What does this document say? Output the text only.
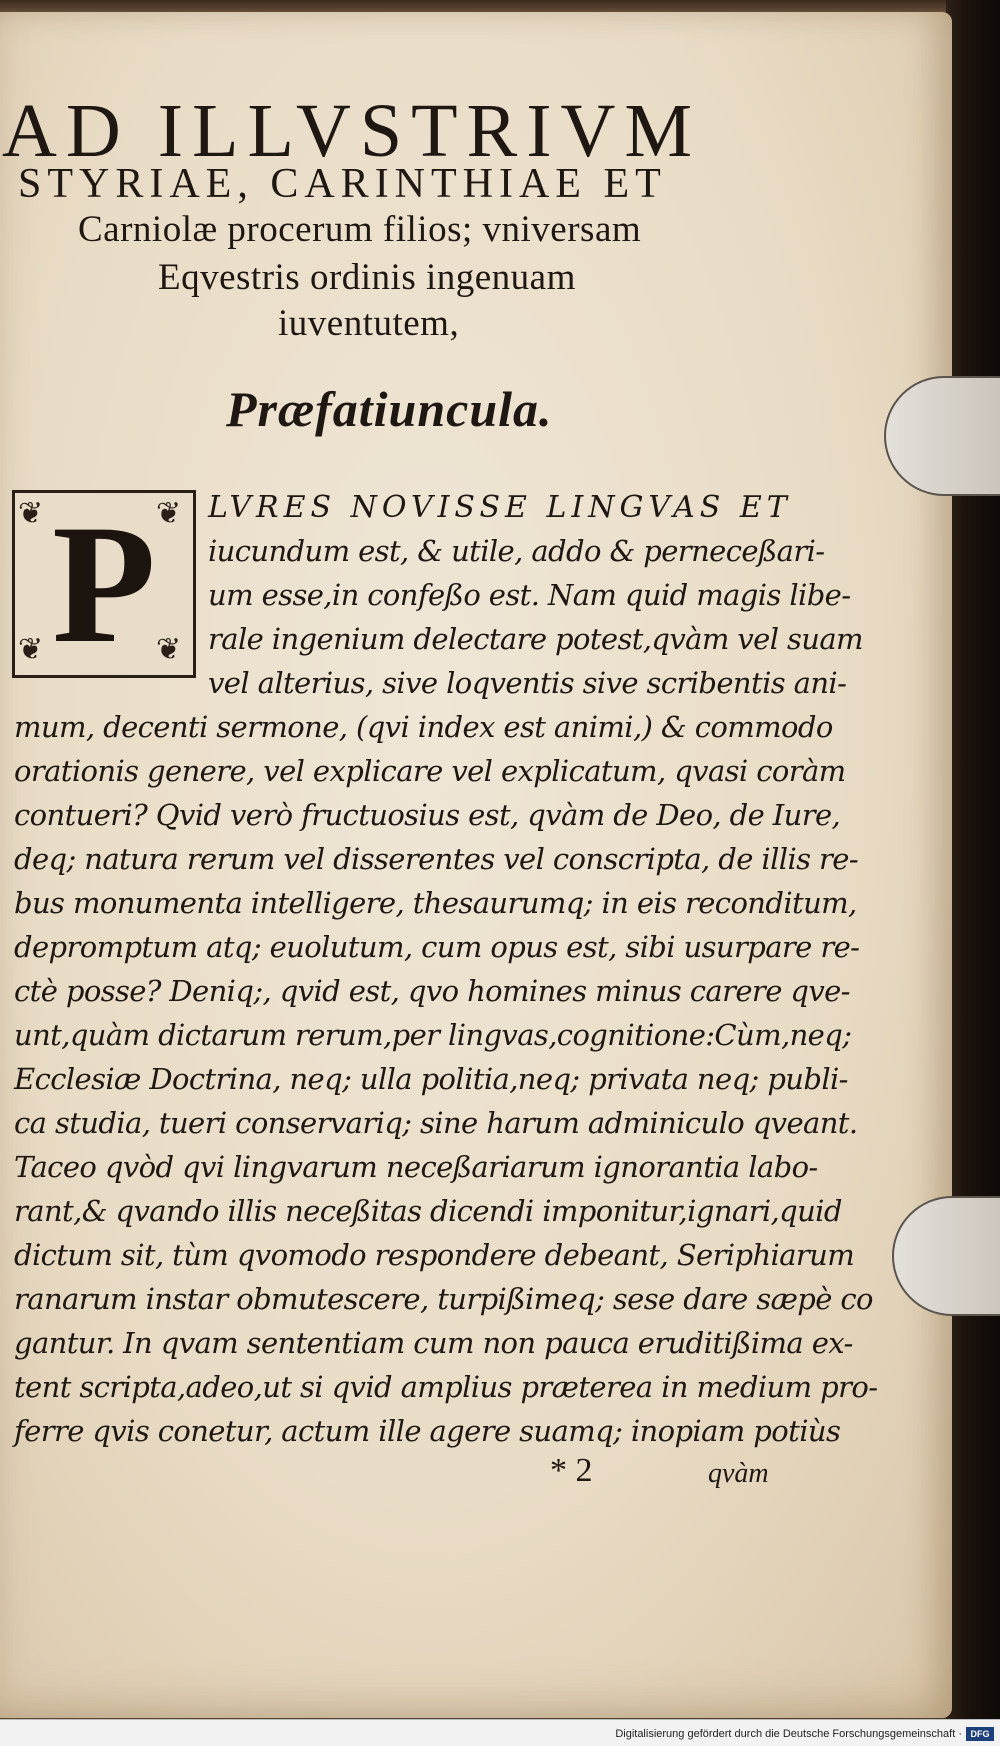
AD ILLVSTRIVM
STYRIAE, CARINTHIAE ET
Carniolæ procerum filios; vniversam
Eqvestris ordinis ingenuam
iuventutem,
Præfatiuncula.
❦	❦
❦	❦
P	LVRES NOVISSE LINGVAS ET
iucundum est, & utile, addo & perneceßari-
um esse,in confeßo est. Nam quid magis libe-
rale ingenium delectare potest,qvàm vel suam
vel alterius, sive loqventis sive scribentis ani-
mum, decenti sermone, (qvi index est animi,) & commodo
orationis genere, vel explicare vel explicatum, qvasi coràm
contueri? Qvid verò fructuosius est, qvàm de Deo, de Iure,
deq; natura rerum vel disserentes vel conscripta, de illis re-
bus monumenta intelligere, thesaurumq; in eis reconditum,
depromptum atq; euolutum, cum opus est, sibi usurpare re-
ctè posse? Deniq;, qvid est, qvo homines minus carere qve-
unt,quàm dictarum rerum,per lingvas,cognitione:Cùm,neq;
Ecclesiæ Doctrina, neq; ulla politia,neq; privata neq; publi-
ca studia, tueri conservariq; sine harum adminiculo qveant.
Taceo qvòd qvi lingvarum neceßariarum ignorantia labo-
rant,& qvando illis neceßitas dicendi imponitur,ignari,quid
dictum sit, tùm qvomodo respondere debeant, Seriphiarum
ranarum instar obmutescere, turpißimeq; sese dare sæpè co
gantur. In qvam sententiam cum non pauca eruditißima ex-
tent scripta,adeo,ut si qvid amplius præterea in medium pro-
ferre qvis conetur, actum ille agere suamq; inopiam potiùs
* 2	qvàm
Digitalisierung gefördert durch die Deutsche Forschungsgemeinschaft · DFG
